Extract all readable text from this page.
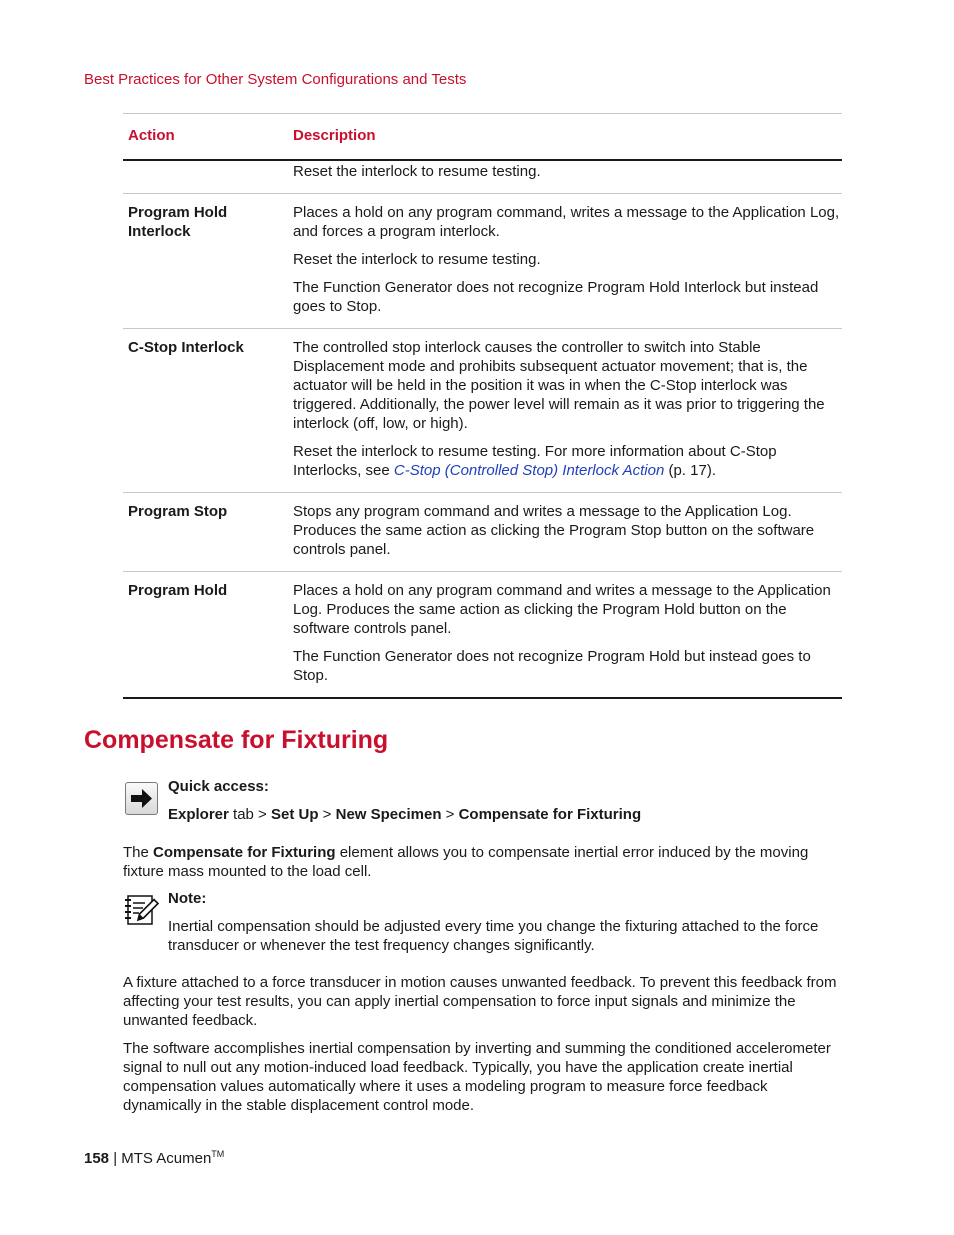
Best Practices for Other System Configurations and Tests
Action	Description

	Reset the interlock to resume testing.

Program Hold Interlock	Places a hold on any program command, writes a message to the Application Log, and forces a program interlock.

Reset the interlock to resume testing.

The Function Generator does not recognize Program Hold Interlock but instead goes to Stop.

C-Stop Interlock	The controlled stop interlock causes the controller to switch into Stable Displacement mode and prohibits subsequent actuator movement; that is, the actuator will be held in the position it was in when the C-Stop interlock was triggered. Additionally, the power level will remain as it was prior to triggering the interlock (off, low, or high).

Reset the interlock to resume testing. For more information about C-Stop Interlocks, see C-Stop (Controlled Stop) Interlock Action (p. 17).

Program Stop	Stops any program command and writes a message to the Application Log. Produces the same action as clicking the Program Stop button on the software controls panel.

Program Hold	Places a hold on any program command and writes a message to the Application Log. Produces the same action as clicking the Program Hold button on the software controls panel.

The Function Generator does not recognize Program Hold but instead goes to Stop.

Compensate for Fixturing
Quick access:
Explorer tab > Set Up > New Specimen > Compensate for Fixturing

The Compensate for Fixturing element allows you to compensate inertial error induced by the moving fixture mass mounted to the load cell.

Note:

Inertial compensation should be adjusted every time you change the fixturing attached to the force transducer or whenever the test frequency changes significantly.

A fixture attached to a force transducer in motion causes unwanted feedback. To prevent this feedback from affecting your test results, you can apply inertial compensation to force input signals and minimize the unwanted feedback.

The software accomplishes inertial compensation by inverting and summing the conditioned accelerometer signal to null out any motion-induced load feedback. Typically, you have the application create inertial compensation values automatically where it uses a modeling program to measure force feedback dynamically in the stable displacement control mode.

158 | MTS Acumen™
